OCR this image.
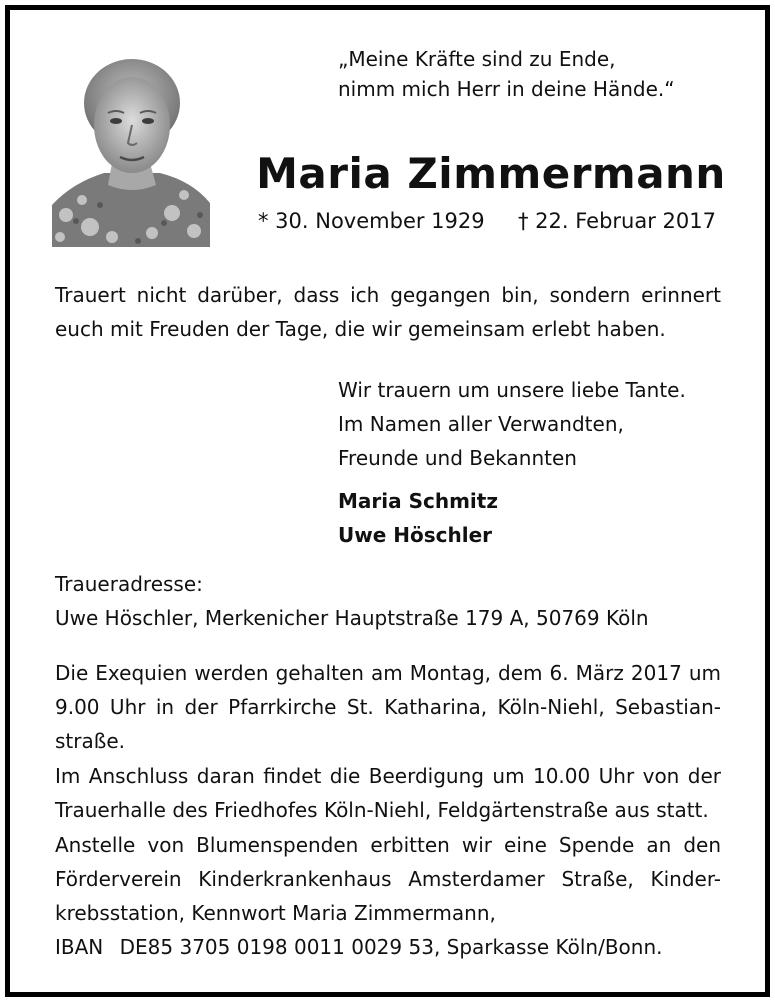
„Meine Kräfte sind zu Ende,
nimm mich Herr in deine Hände.“
Maria Zimmermann
* 30. November 1929 † 22. Februar 2017
Trauert nicht darüber, dass ich gegangen bin, sondern erinnert
euch mit Freuden der Tage, die wir gemeinsam erlebt haben.
Wir trauern um unsere liebe Tante.
Im Namen aller Verwandten,
Freunde und Bekannten
Maria Schmitz
Uwe Höschler
Traueradresse:
Uwe Höschler, Merkenicher Hauptstraße 179 A, 50769 Köln
Die Exequien werden gehalten am Montag, dem 6. März 2017 um
9.00 Uhr in der Pfarrkirche St. Katharina, Köln-Niehl, Sebastian-
straße.
Im Anschluss daran findet die Beerdigung um 10.00 Uhr von der
Trauerhalle des Friedhofes Köln-Niehl, Feldgärtenstraße aus statt.
Anstelle von Blumenspenden erbitten wir eine Spende an den
Förderverein Kinderkrankenhaus Amsterdamer Straße, Kinder-
krebsstation, Kennwort Maria Zimmermann,
IBAN DE85 3705 0198 0011 0029 53, Sparkasse Köln/Bonn.
